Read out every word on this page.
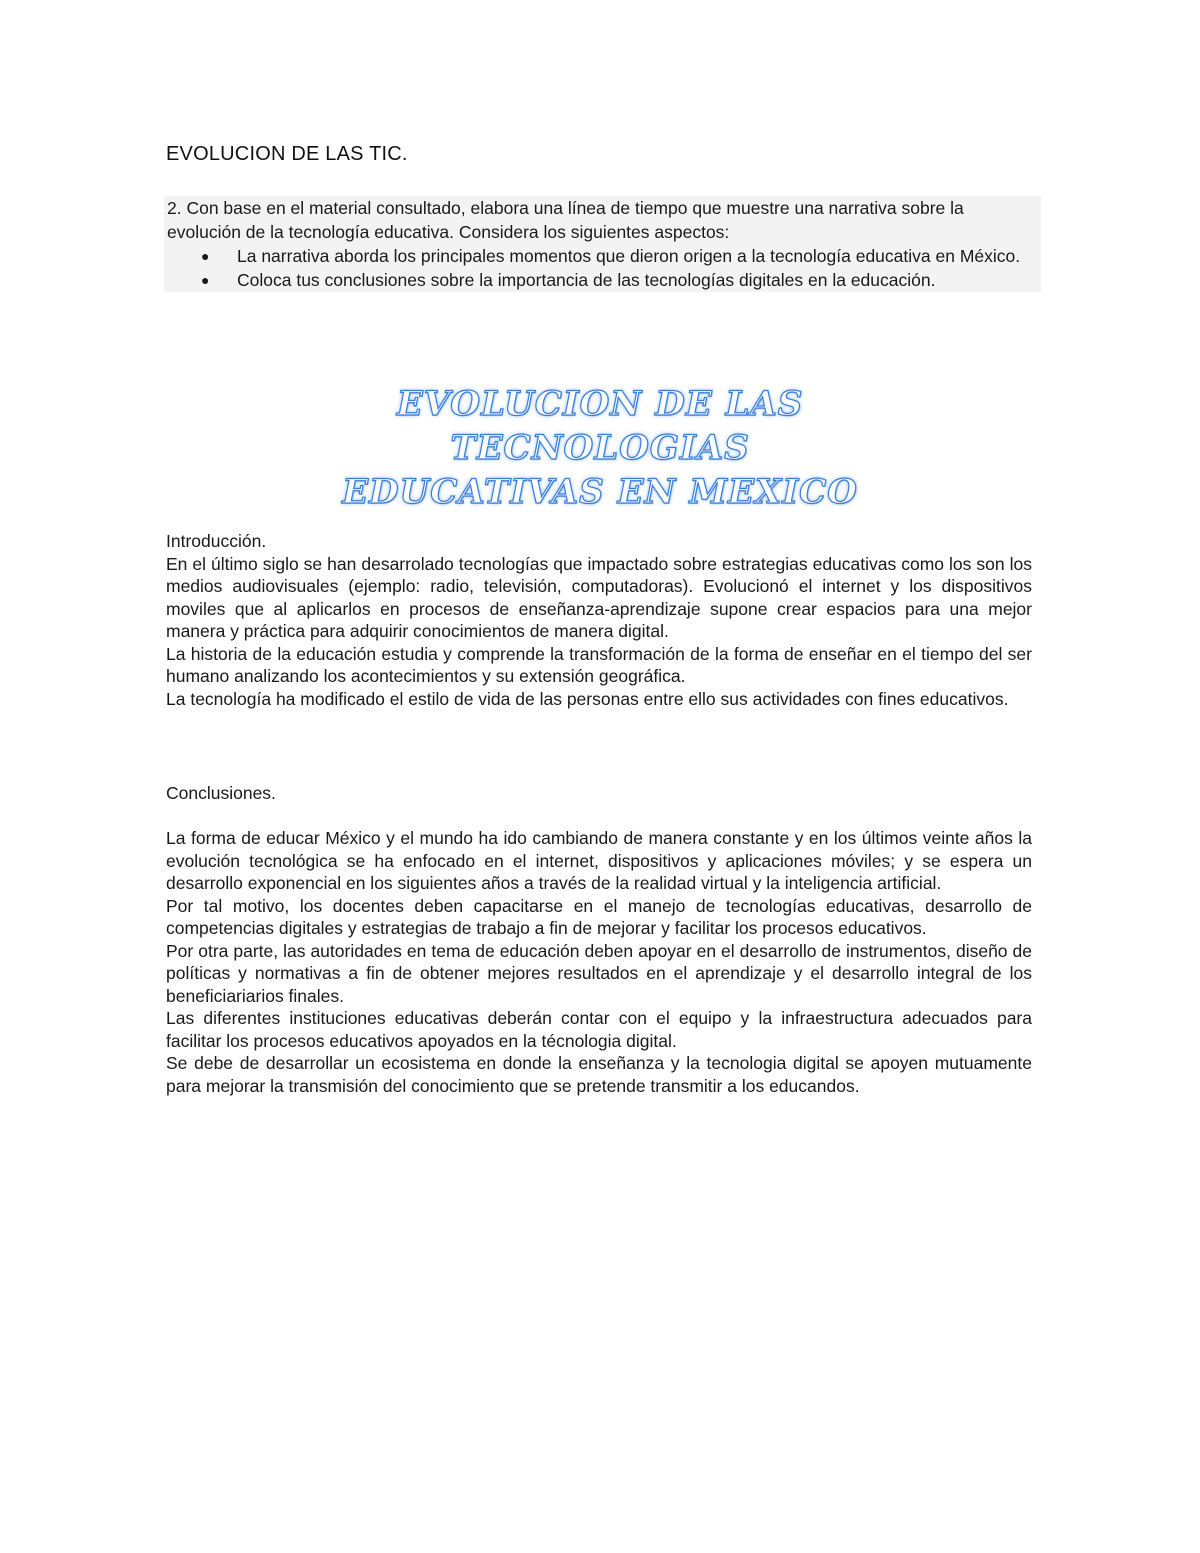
EVOLUCION DE LAS TIC.

2. Con base en el material consultado, elabora una línea de tiempo que muestre una narrativa sobre la evolución de la tecnología educativa. Considera los siguientes aspectos:

● La narrativa aborda los principales momentos que dieron origen a la tecnología educativa en México.
● Coloca tus conclusiones sobre la importancia de las tecnologías digitales en la educación.
EVOLUCION DE LAS TECNOLOGIAS
EDUCATIVAS EN MEXICO

Introducción.

En el último siglo se han desarrolado tecnologías que impactado sobre estrategias educativas como los son los medios audiovisuales (ejemplo: radio, televisión, computadoras). Evolucionó el internet y los dispositivos moviles que al aplicarlos en procesos de enseñanza-aprendizaje supone crear espacios para una mejor manera y práctica para adquirir conocimientos de manera digital.

La historia de la educación estudia y comprende la transformación de la forma de enseñar en el tiempo del ser humano analizando los acontecimientos y su extensión geográfica.

La tecnología ha modificado el estilo de vida de las personas entre ello sus actividades con fines educativos.

Conclusiones.

La forma de educar México y el mundo ha ido cambiando de manera constante y en los últimos veinte años la evolución tecnológica se ha enfocado en el internet, dispositivos y aplicaciones móviles; y se espera un desarrollo exponencial en los siguientes años a través de la realidad virtual y la inteligencia artificial.

Por tal motivo, los docentes deben capacitarse en el manejo de tecnologías educativas, desarrollo de competencias digitales y estrategias de trabajo a fin de mejorar y facilitar los procesos educativos.

Por otra parte, las autoridades en tema de educación deben apoyar en el desarrollo de instrumentos, diseño de políticas y normativas a fin de obtener mejores resultados en el aprendizaje y el desarrollo integral de los beneficiariarios finales.

Las diferentes instituciones educativas deberán contar con el equipo y la infraestructura adecuados para facilitar los procesos educativos apoyados en la técnologia digital.

Se debe de desarrollar un ecosistema en donde la enseñanza y la tecnologia digital se apoyen mutuamente para mejorar la transmisión del conocimiento que se pretende transmitir a los educandos.
